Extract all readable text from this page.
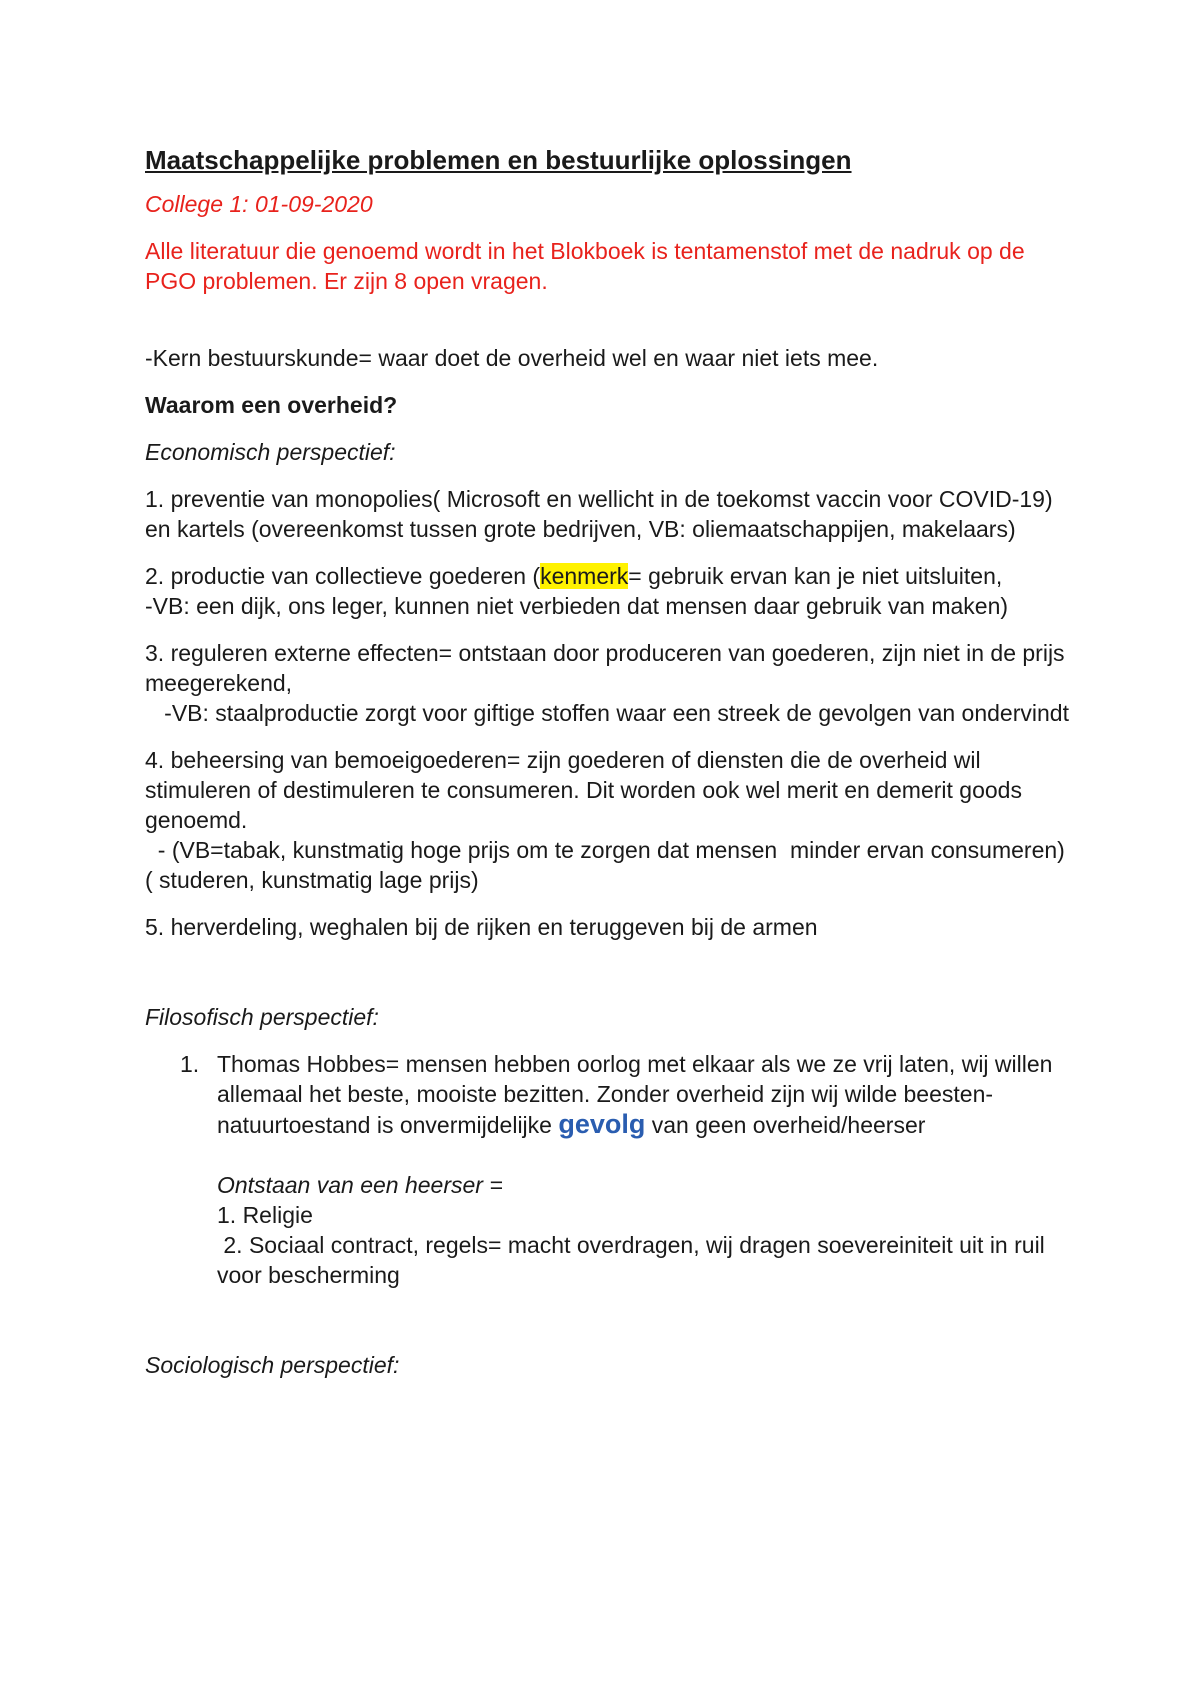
Maatschappelijke problemen en bestuurlijke oplossingen

College 1: 01-09-2020

Alle literatuur die genoemd wordt in het Blokboek is tentamenstof met de nadruk op de PGO problemen. Er zijn 8 open vragen.

-Kern bestuurskunde= waar doet de overheid wel en waar niet iets mee.

Waarom een overheid?

Economisch perspectief:

1. preventie van monopolies( Microsoft en wellicht in de toekomst vaccin voor COVID-19) en kartels (overeenkomst tussen grote bedrijven, VB: oliemaatschappijen, makelaars)

2. productie van collectieve goederen (kenmerk= gebruik ervan kan je niet uitsluiten,
-VB: een dijk, ons leger, kunnen niet verbieden dat mensen daar gebruik van maken)

3. reguleren externe effecten= ontstaan door produceren van goederen, zijn niet in de prijs meegerekend,

-VB: staalproductie zorgt voor giftige stoffen waar een streek de gevolgen van ondervindt

4. beheersing van bemoeigoederen= zijn goederen of diensten die de overheid wil stimuleren of destimuleren te consumeren. Dit worden ook wel merit en demerit goods genoemd.

- (VB=tabak, kunstmatig hoge prijs om te zorgen dat mensen  minder ervan consumeren) ( studeren, kunstmatig lage prijs)

5. herverdeling, weghalen bij de rijken en teruggeven bij de armen

Filosofisch perspectief:

1. Thomas Hobbes= mensen hebben oorlog met elkaar als we ze vrij laten, wij willen allemaal het beste, mooiste bezitten. Zonder overheid zijn wij wilde beesten- natuurtoestand is onvermijdelijke gevolg van geen overheid/heerser

Ontstaan van een heerser =

1. Religie

2. Sociaal contract, regels= macht overdragen, wij dragen soevereiniteit uit in ruil voor bescherming

Sociologisch perspectief:
